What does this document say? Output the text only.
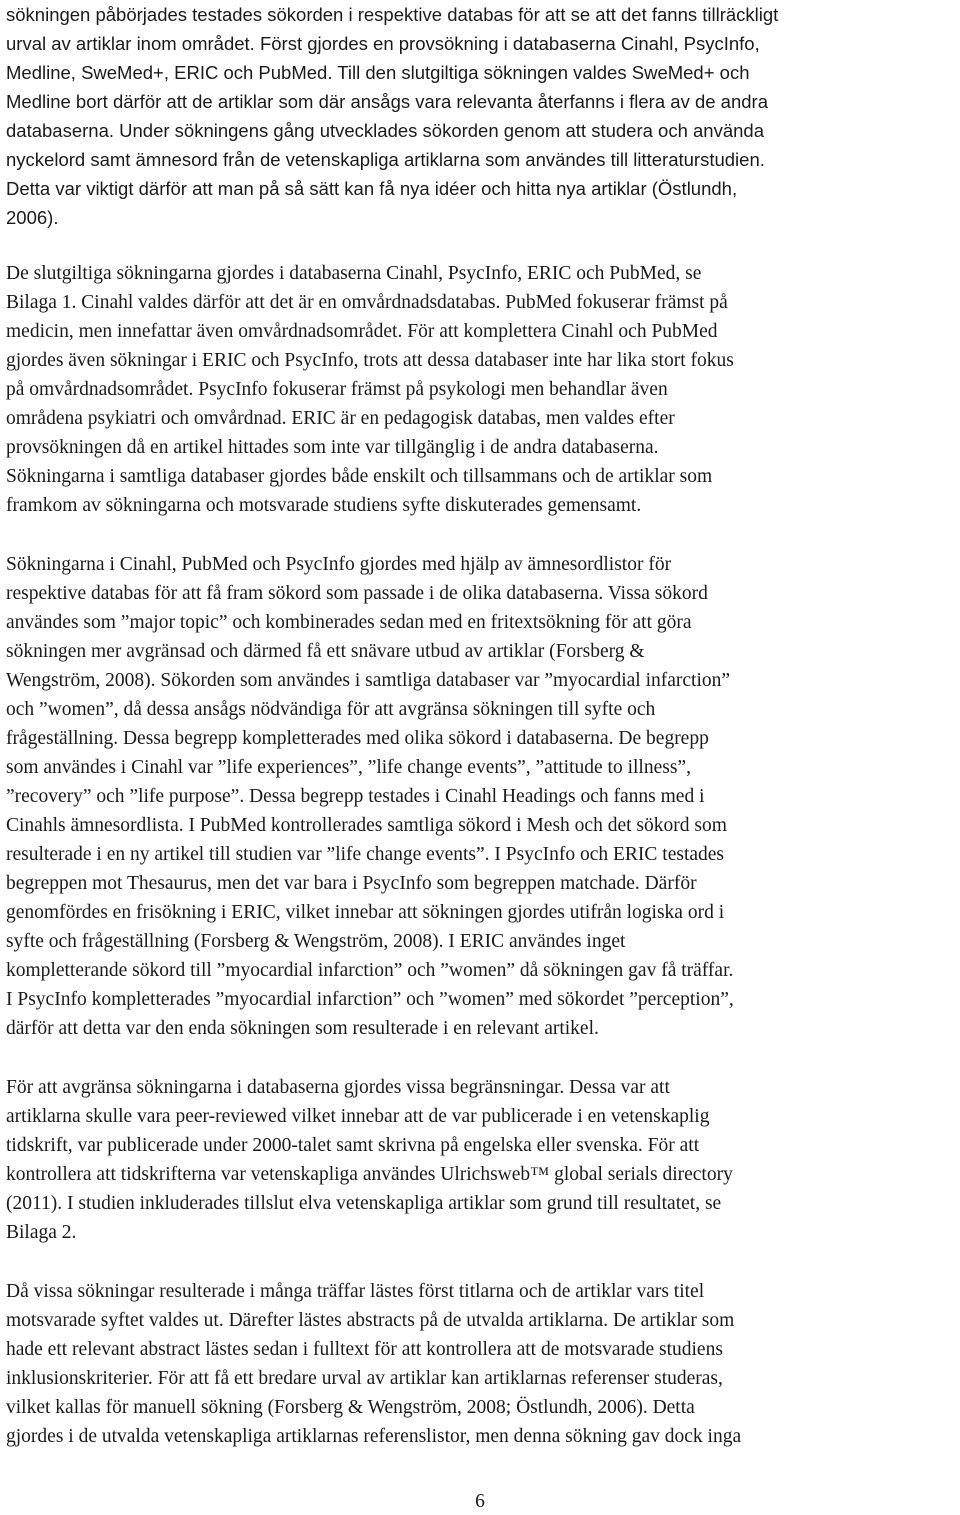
sökningen påbörjades testades sökorden i respektive databas för att se att det fanns tillräckligt
urval av artiklar inom området. Först gjordes en provsökning i databaserna Cinahl, PsycInfo,
Medline, SweMed+, ERIC och PubMed. Till den slutgiltiga sökningen valdes SweMed+ och
Medline bort därför att de artiklar som där ansågs vara relevanta återfanns i flera av de andra
databaserna. Under sökningens gång utvecklades sökorden genom att studera och använda
nyckelord samt ämnesord från de vetenskapliga artiklarna som användes till litteraturstudien.
Detta var viktigt därför att man på så sätt kan få nya idéer och hitta nya artiklar (Östlundh,
2006).
De slutgiltiga sökningarna gjordes i databaserna Cinahl, PsycInfo, ERIC och PubMed, se
Bilaga 1. Cinahl valdes därför att det är en omvårdnadsdatabas. PubMed fokuserar främst på
medicin, men innefattar även omvårdnadsområdet. För att komplettera Cinahl och PubMed
gjordes även sökningar i ERIC och PsycInfo, trots att dessa databaser inte har lika stort fokus
på omvårdnadsområdet. PsycInfo fokuserar främst på psykologi men behandlar även
områdena psykiatri och omvårdnad. ERIC är en pedagogisk databas, men valdes efter
provsökningen då en artikel hittades som inte var tillgänglig i de andra databaserna.
Sökningarna i samtliga databaser gjordes både enskilt och tillsammans och de artiklar som
framkom av sökningarna och motsvarade studiens syfte diskuterades gemensamt.
Sökningarna i Cinahl, PubMed och PsycInfo gjordes med hjälp av ämnesordlistor för
respektive databas för att få fram sökord som passade i de olika databaserna. Vissa sökord
användes som ”major topic” och kombinerades sedan med en fritextsökning för att göra
sökningen mer avgränsad och därmed få ett snävare utbud av artiklar (Forsberg &
Wengström, 2008). Sökorden som användes i samtliga databaser var ”myocardial infarction”
och ”women”, då dessa ansågs nödvändiga för att avgränsa sökningen till syfte och
frågeställning. Dessa begrepp kompletterades med olika sökord i databaserna. De begrepp
som användes i Cinahl var ”life experiences”, ”life change events”, ”attitude to illness”,
”recovery” och ”life purpose”. Dessa begrepp testades i Cinahl Headings och fanns med i
Cinahls ämnesordlista. I PubMed kontrollerades samtliga sökord i Mesh och det sökord som
resulterade i en ny artikel till studien var ”life change events”. I PsycInfo och ERIC testades
begreppen mot Thesaurus, men det var bara i PsycInfo som begreppen matchade. Därför
genomfördes en frisökning i ERIC, vilket innebar att sökningen gjordes utifrån logiska ord i
syfte och frågeställning (Forsberg & Wengström, 2008). I ERIC användes inget
kompletterande sökord till ”myocardial infarction” och ”women” då sökningen gav få träffar.
I PsycInfo kompletterades ”myocardial infarction” och ”women” med sökordet ”perception”,
därför att detta var den enda sökningen som resulterade i en relevant artikel.
För att avgränsa sökningarna i databaserna gjordes vissa begränsningar. Dessa var att
artiklarna skulle vara peer-reviewed vilket innebar att de var publicerade i en vetenskaplig
tidskrift, var publicerade under 2000-talet samt skrivna på engelska eller svenska. För att
kontrollera att tidskrifterna var vetenskapliga användes Ulrichsweb™ global serials directory
(2011). I studien inkluderades tillslut elva vetenskapliga artiklar som grund till resultatet, se
Bilaga 2.
Då vissa sökningar resulterade i många träffar lästes först titlarna och de artiklar vars titel
motsvarade syftet valdes ut. Därefter lästes abstracts på de utvalda artiklarna. De artiklar som
hade ett relevant abstract lästes sedan i fulltext för att kontrollera att de motsvarade studiens
inklusionskriterier. För att få ett bredare urval av artiklar kan artiklarnas referenser studeras,
vilket kallas för manuell sökning (Forsberg & Wengström, 2008; Östlundh, 2006). Detta
gjordes i de utvalda vetenskapliga artiklarnas referenslistor, men denna sökning gav dock inga
6
